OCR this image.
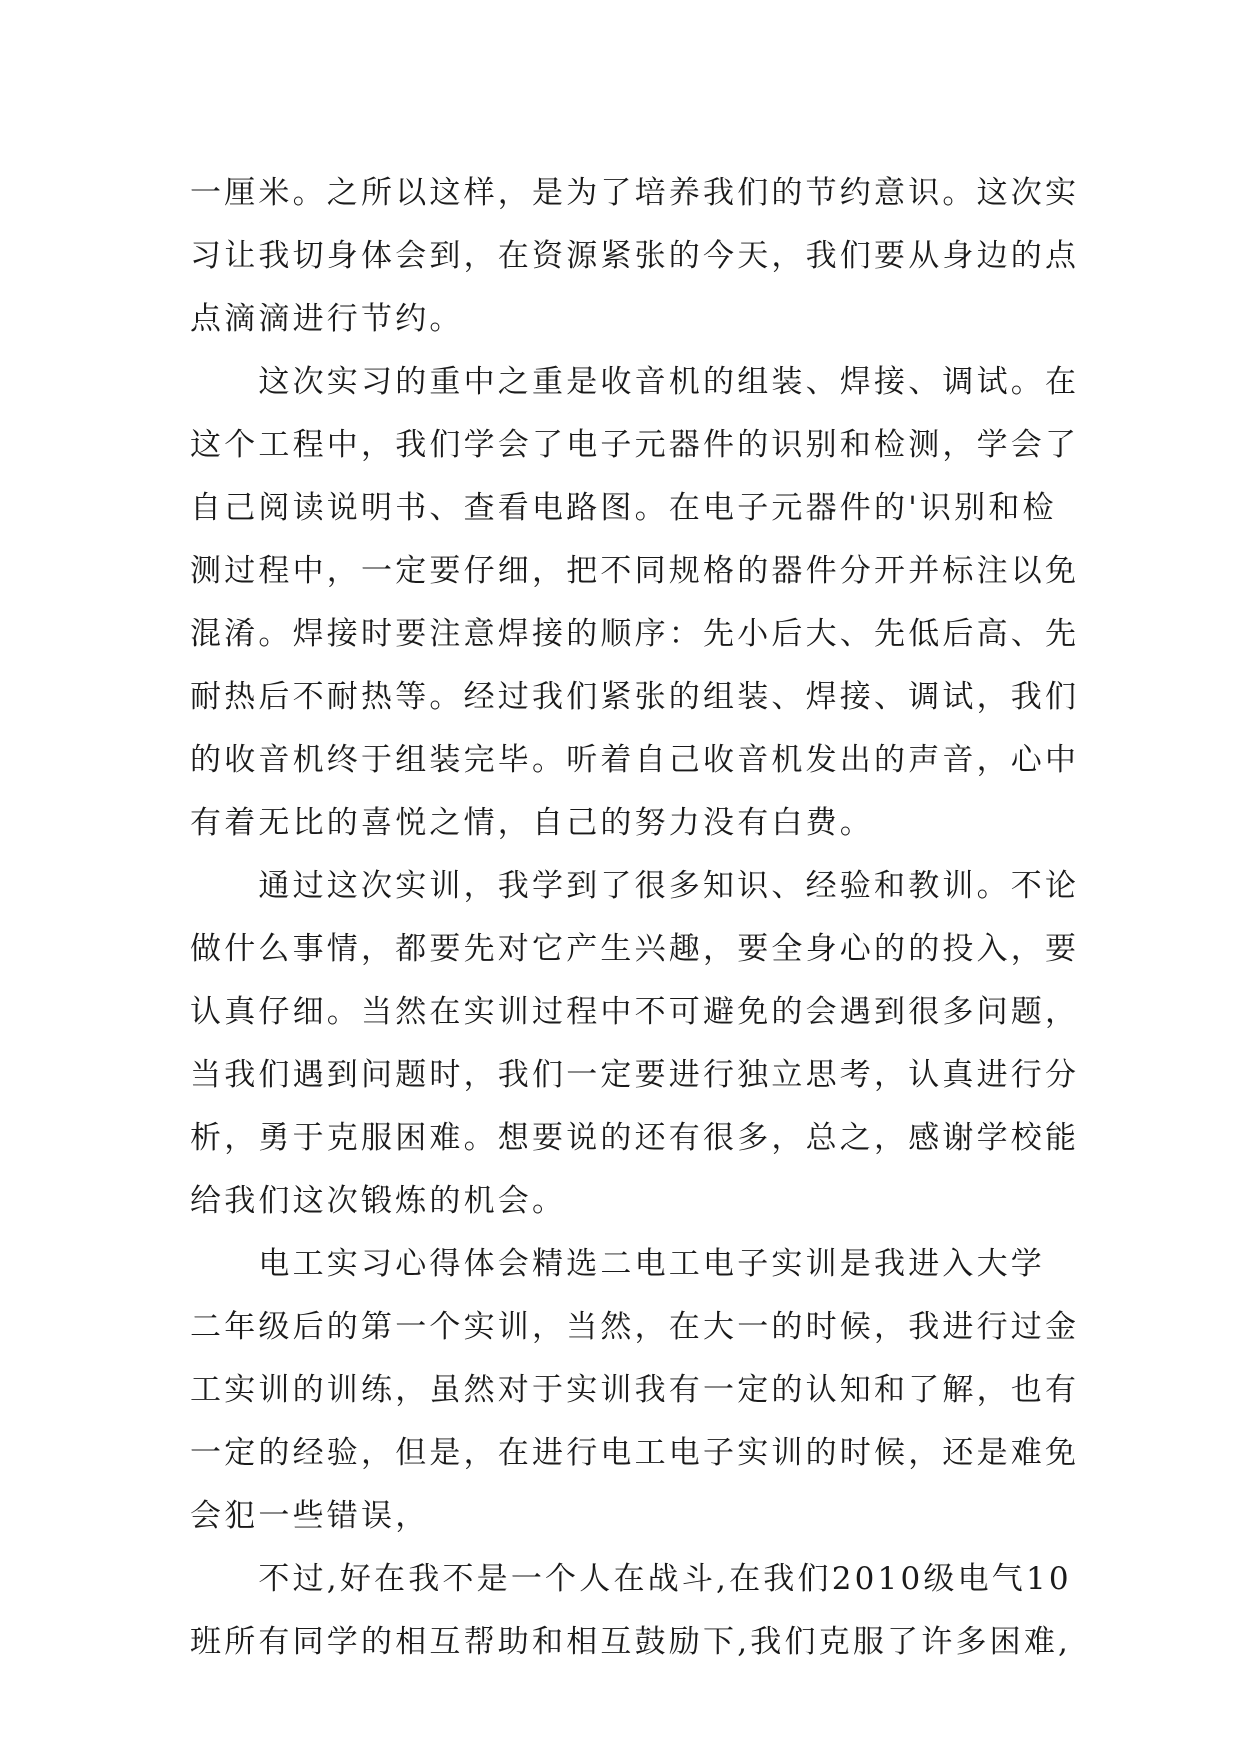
一厘米。之所以这样，是为了培养我们的节约意识。这次实
习让我切身体会到，在资源紧张的今天，我们要从身边的点
点滴滴进行节约。
　　这次实习的重中之重是收音机的组装、焊接、调试。在
这个工程中，我们学会了电子元器件的识别和检测，学会了
自己阅读说明书、查看电路图。在电子元器件的'识别和检
测过程中，一定要仔细，把不同规格的器件分开并标注以免
混淆。焊接时要注意焊接的顺序：先小后大、先低后高、先
耐热后不耐热等。经过我们紧张的组装、焊接、调试，我们
的收音机终于组装完毕。听着自己收音机发出的声音，心中
有着无比的喜悦之情，自己的努力没有白费。
　　通过这次实训，我学到了很多知识、经验和教训。不论
做什么事情，都要先对它产生兴趣，要全身心的的投入，要
认真仔细。当然在实训过程中不可避免的会遇到很多问题，
当我们遇到问题时，我们一定要进行独立思考，认真进行分
析，勇于克服困难。想要说的还有很多，总之，感谢学校能
给我们这次锻炼的机会。
　　电工实习心得体会精选二电工电子实训是我进入大学
二年级后的第一个实训，当然，在大一的时候，我进行过金
工实训的训练，虽然对于实训我有一定的认知和了解，也有
一定的经验，但是，在进行电工电子实训的时候，还是难免
会犯一些错误，
　　不过,好在我不是一个人在战斗,在我们2010级电气10
班所有同学的相互帮助和相互鼓励下,我们克服了许多困难,
